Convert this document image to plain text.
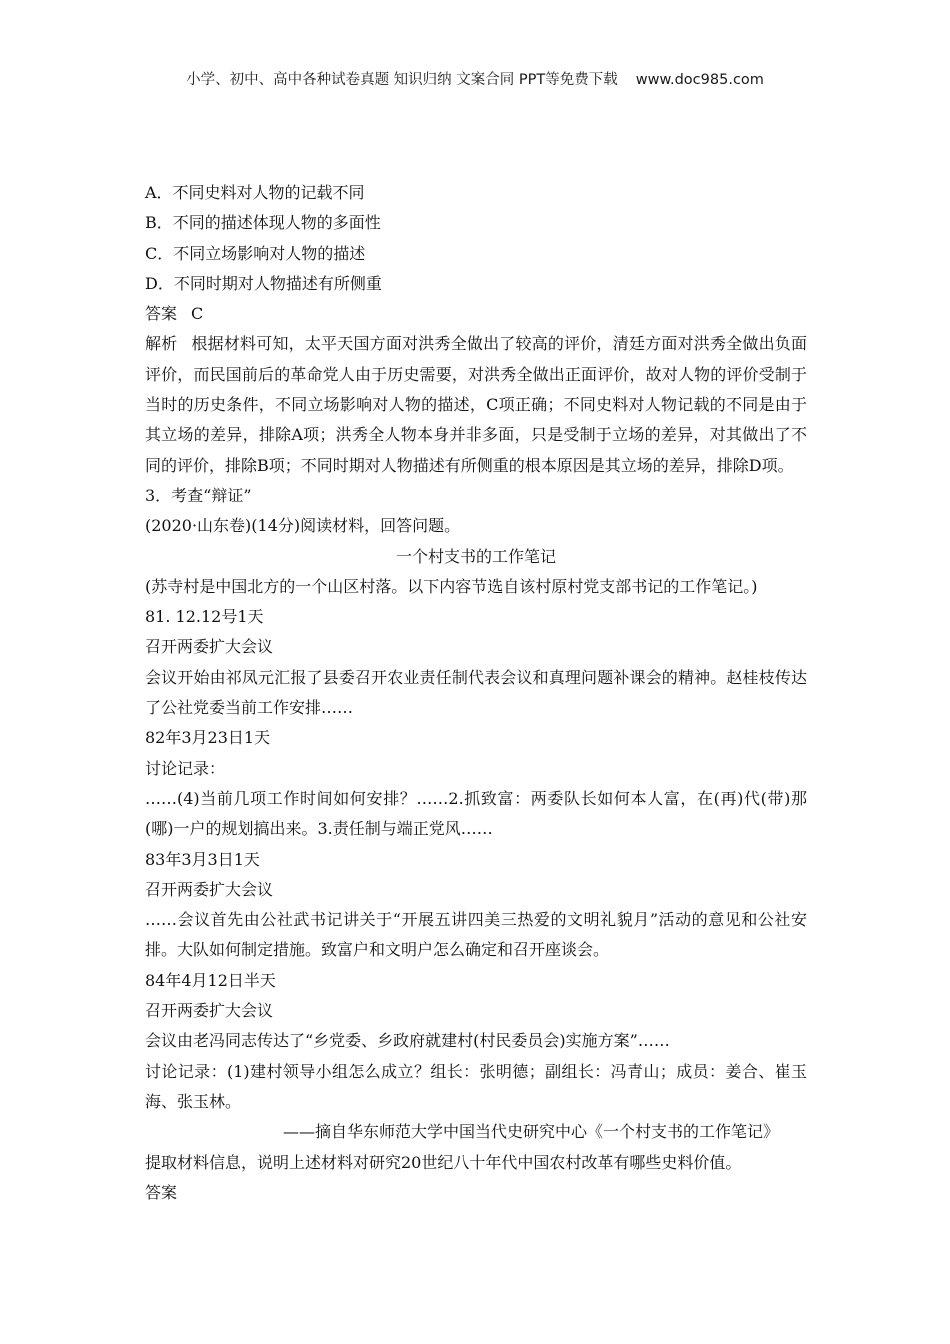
小学、初中、高中各种试卷真题 知识归纳 文案合同 PPT等免费下载 www.doc985.com
A．不同史料对人物的记载不同
B．不同的描述体现人物的多面性
C．不同立场影响对人物的描述
D．不同时期对人物描述有所侧重
答案 C
解析 根据材料可知，太平天国方面对洪秀全做出了较高的评价，清廷方面对洪秀全做出负面评价，而民国前后的革命党人由于历史需要，对洪秀全做出正面评价，故对人物的评价受制于当时的历史条件，不同立场影响对人物的描述，C项正确；不同史料对人物记载的不同是由于其立场的差异，排除A项；洪秀全人物本身并非多面，只是受制于立场的差异，对其做出了不同的评价，排除B项；不同时期对人物描述有所侧重的根本原因是其立场的差异，排除D项。
3．考查“辩证”
(2020·山东卷)(14分)阅读材料，回答问题。
一个村支书的工作笔记
(苏寺村是中国北方的一个山区村落。以下内容节选自该村原村党支部书记的工作笔记。)
81. 12.12号1天
召开两委扩大会议
会议开始由祁凤元汇报了县委召开农业责任制代表会议和真理问题补课会的精神。赵桂枝传达了公社党委当前工作安排……
82年3月23日1天
讨论记录：
……(4)当前几项工作时间如何安排？……2.抓致富：两委队长如何本人富，在(再)代(带)那(哪)一户的规划搞出来。3.责任制与端正党风……
83年3月3日1天
召开两委扩大会议
……会议首先由公社武书记讲关于“开展五讲四美三热爱的文明礼貌月”活动的意见和公社安排。大队如何制定措施。致富户和文明户怎么确定和召开座谈会。
84年4月12日半天
召开两委扩大会议
会议由老冯同志传达了“乡党委、乡政府就建村(村民委员会)实施方案”……
讨论记录：(1)建村领导小组怎么成立？组长：张明德；副组长：冯青山；成员：姜合、崔玉海、张玉林。
——摘自华东师范大学中国当代史研究中心《一个村支书的工作笔记》
提取材料信息，说明上述材料对研究20世纪八十年代中国农村改革有哪些史料价值。
答案
